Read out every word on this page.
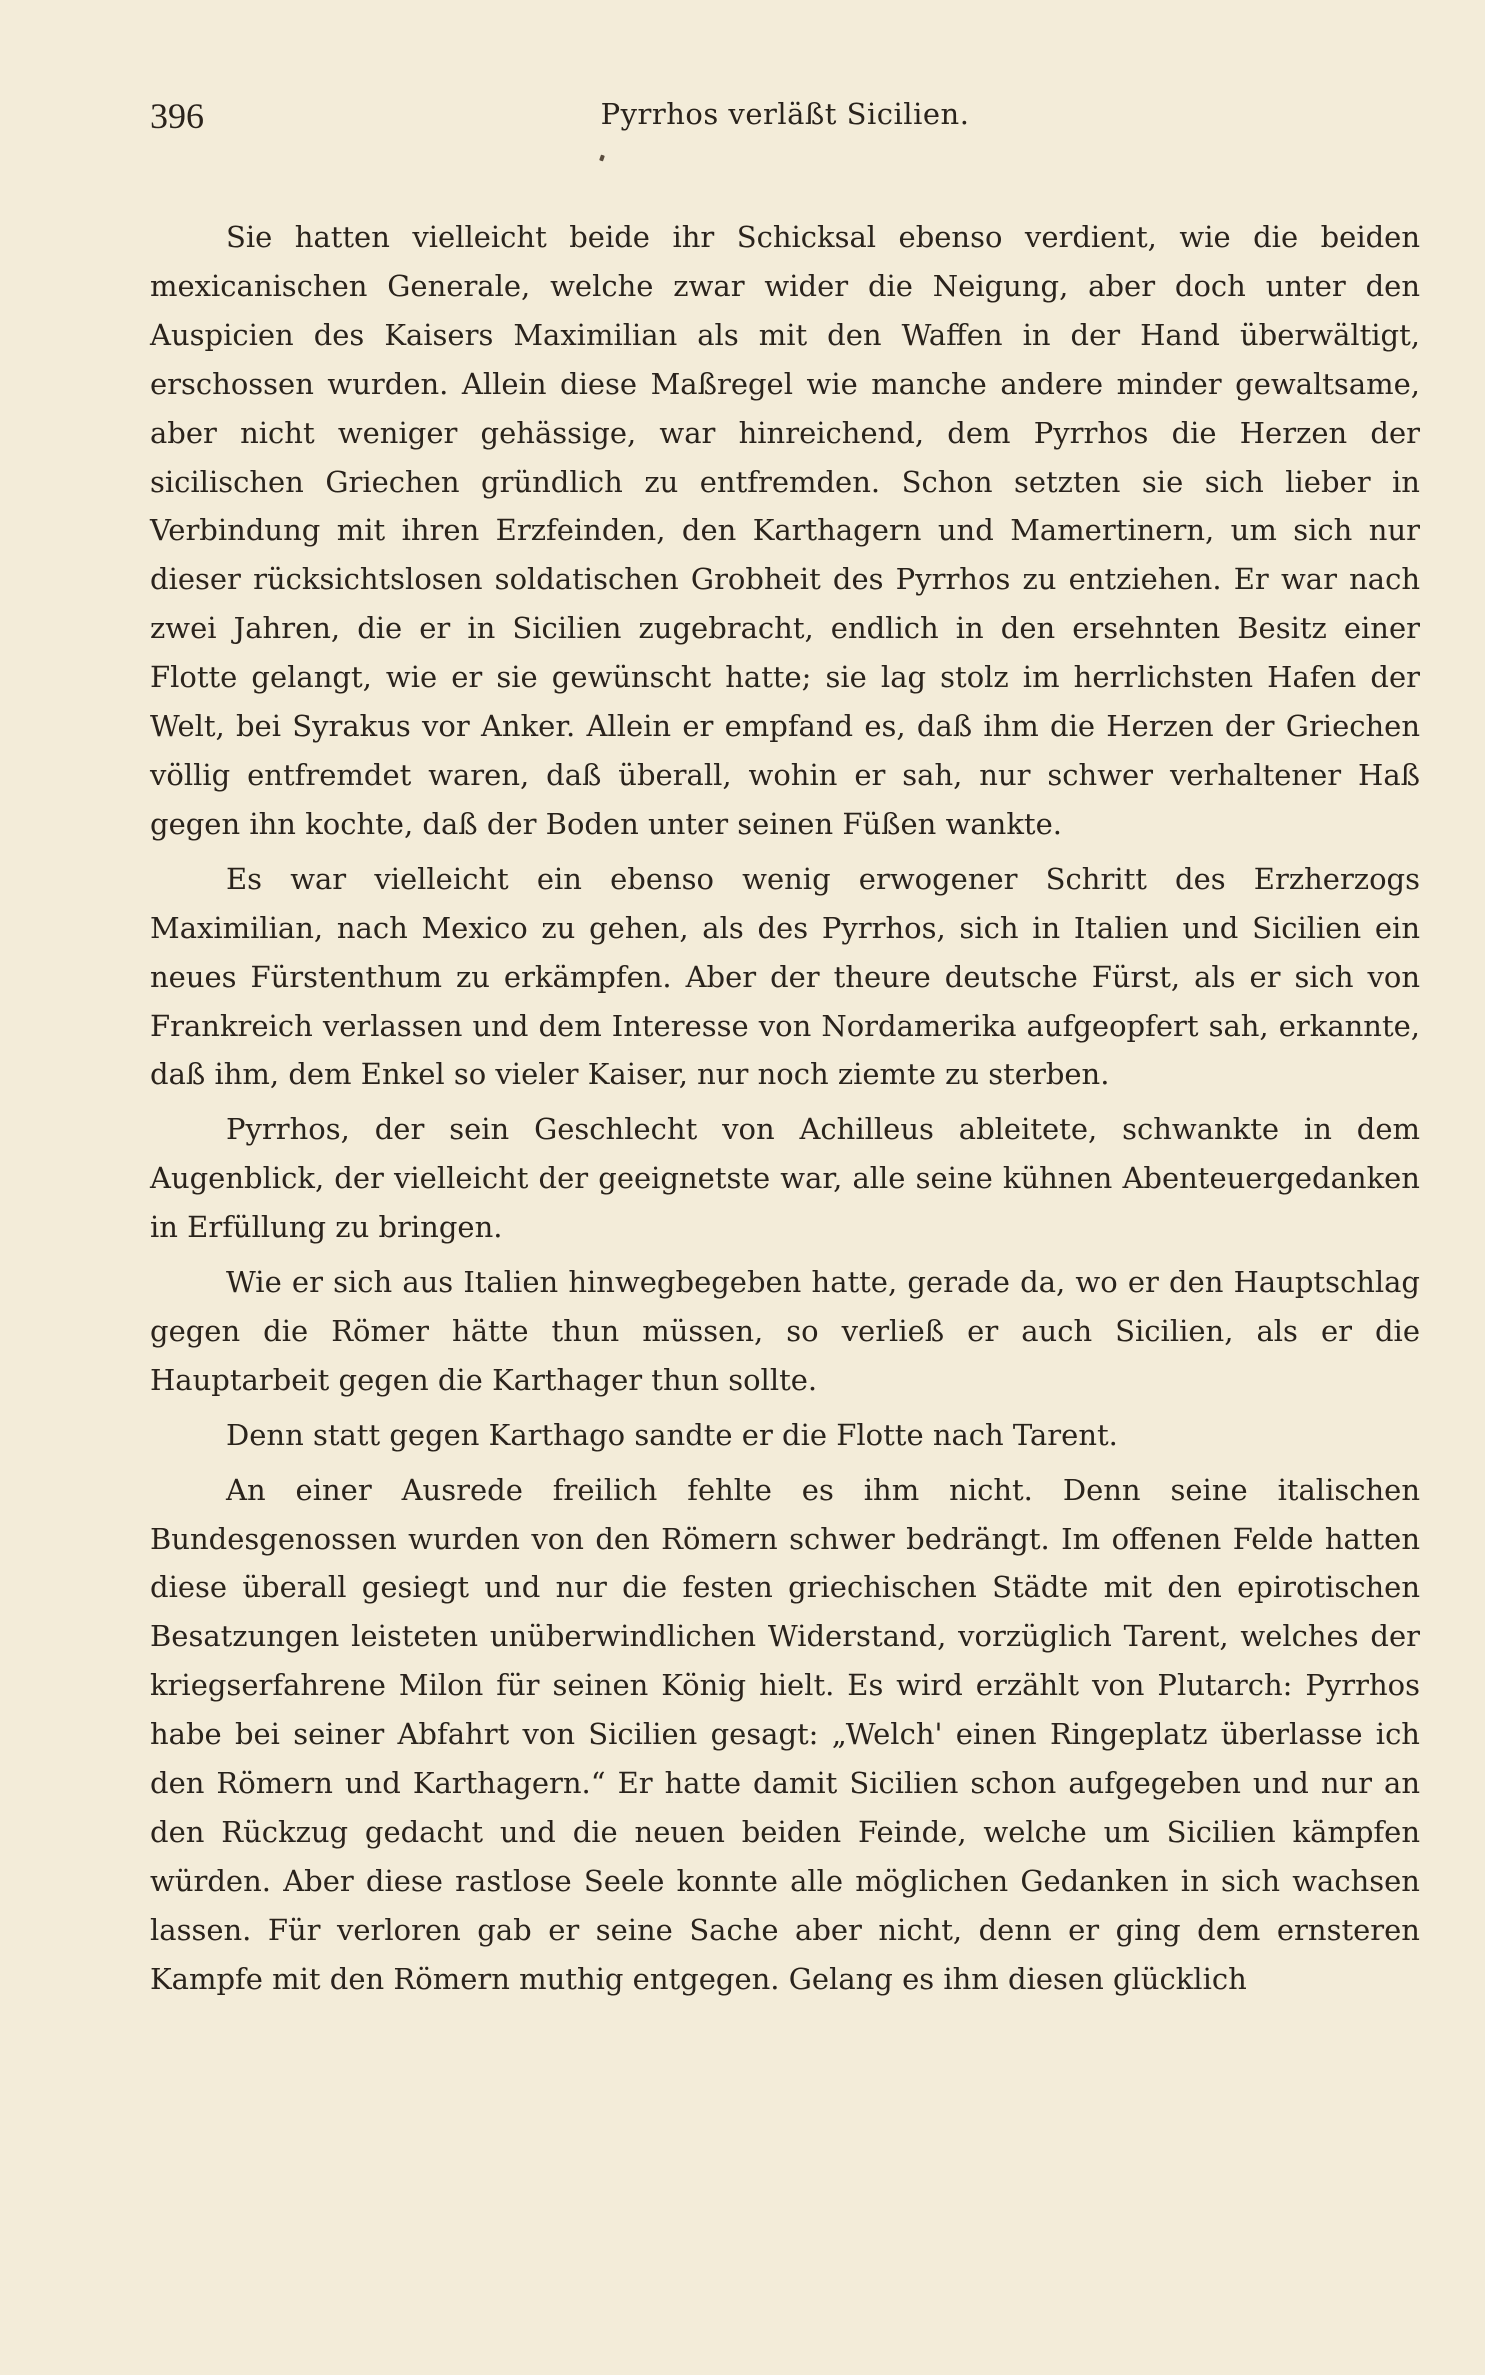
396	Pyrrhos verläßt Sicilien.

Sie hatten vielleicht beide ihr Schicksal ebenso verdient, wie die beiden mexicanischen Generale, welche zwar wider die Neigung, aber doch unter den Auspicien des Kaisers Maximilian als mit den Waffen in der Hand überwältigt, erschossen wurden. Allein diese Maßregel wie manche andere minder gewaltsame, aber nicht weniger gehässige, war hinreichend, dem Pyrrhos die Herzen der sicilischen Griechen gründlich zu entfremden. Schon setzten sie sich lieber in Verbindung mit ihren Erzfeinden, den Karthagern und Mamertinern, um sich nur dieser rücksichtslosen soldatischen Grobheit des Pyrrhos zu entziehen. Er war nach zwei Jahren, die er in Sicilien zugebracht, endlich in den ersehnten Besitz einer Flotte gelangt, wie er sie gewünscht hatte; sie lag stolz im herrlichsten Hafen der Welt, bei Syrakus vor Anker. Allein er empfand es, daß ihm die Herzen der Griechen völlig entfremdet waren, daß überall, wohin er sah, nur schwer verhaltener Haß gegen ihn kochte, daß der Boden unter seinen Füßen wankte.

Es war vielleicht ein ebenso wenig erwogener Schritt des Erzherzogs Maximilian, nach Mexico zu gehen, als des Pyrrhos, sich in Italien und Sicilien ein neues Fürstenthum zu erkämpfen. Aber der theure deutsche Fürst, als er sich von Frankreich verlassen und dem Interesse von Nordamerika aufgeopfert sah, erkannte, daß ihm, dem Enkel so vieler Kaiser, nur noch ziemte zu sterben.

Pyrrhos, der sein Geschlecht von Achilleus ableitete, schwankte in dem Augenblick, der vielleicht der geeignetste war, alle seine kühnen Abenteuergedanken in Erfüllung zu bringen.

Wie er sich aus Italien hinwegbegeben hatte, gerade da, wo er den Hauptschlag gegen die Römer hätte thun müssen, so verließ er auch Sicilien, als er die Hauptarbeit gegen die Karthager thun sollte.

Denn statt gegen Karthago sandte er die Flotte nach Tarent.

An einer Ausrede freilich fehlte es ihm nicht. Denn seine italischen Bundesgenossen wurden von den Römern schwer bedrängt. Im offenen Felde hatten diese überall gesiegt und nur die festen griechischen Städte mit den epirotischen Besatzungen leisteten unüberwindlichen Widerstand, vorzüglich Tarent, welches der kriegserfahrene Milon für seinen König hielt. Es wird erzählt von Plutarch: Pyrrhos habe bei seiner Abfahrt von Sicilien gesagt: „Welch' einen Ringeplatz überlasse ich den Römern und Karthagern.“ Er hatte damit Sicilien schon aufgegeben und nur an den Rückzug gedacht und die neuen beiden Feinde, welche um Sicilien kämpfen würden. Aber diese rastlose Seele konnte alle möglichen Gedanken in sich wachsen lassen. Für verloren gab er seine Sache aber nicht, denn er ging dem ernsteren Kampfe mit den Römern muthig entgegen. Gelang es ihm diesen glücklich
